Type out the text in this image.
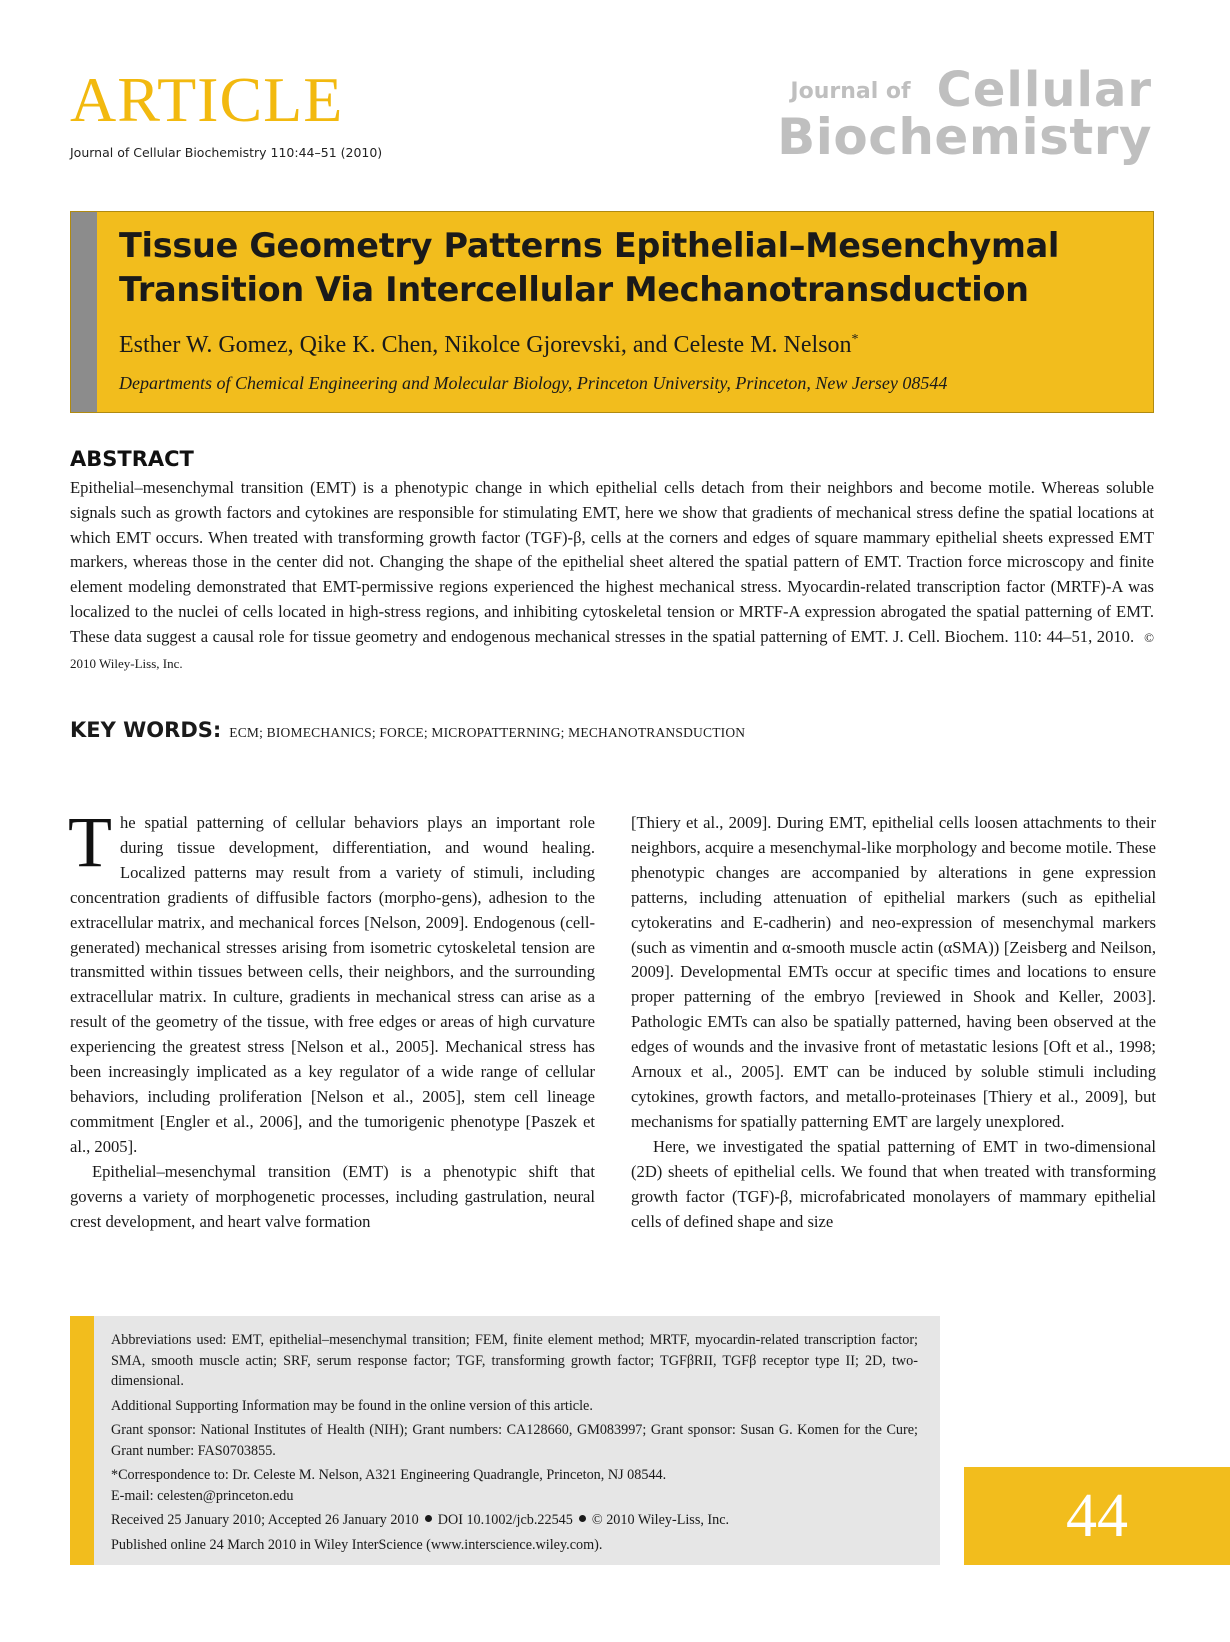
ARTICLE
Journal of Cellular Biochemistry 110:44–51 (2010)
Journal of Cellular
Biochemistry
Tissue Geometry Patterns Epithelial–Mesenchymal Transition Via Intercellular Mechanotransduction
Esther W. Gomez, Qike K. Chen, Nikolce Gjorevski, and Celeste M. Nelson*
Departments of Chemical Engineering and Molecular Biology, Princeton University, Princeton, New Jersey 08544
ABSTRACT
Epithelial–mesenchymal transition (EMT) is a phenotypic change in which epithelial cells detach from their neighbors and become motile. Whereas soluble signals such as growth factors and cytokines are responsible for stimulating EMT, here we show that gradients of mechanical stress define the spatial locations at which EMT occurs. When treated with transforming growth factor (TGF)-β, cells at the corners and edges of square mammary epithelial sheets expressed EMT markers, whereas those in the center did not. Changing the shape of the epithelial sheet altered the spatial pattern of EMT. Traction force microscopy and finite element modeling demonstrated that EMT-permissive regions experienced the highest mechanical stress. Myocardin-related transcription factor (MRTF)-A was localized to the nuclei of cells located in high-stress regions, and inhibiting cytoskeletal tension or MRTF-A expression abrogated the spatial patterning of EMT. These data suggest a causal role for tissue geometry and endogenous mechanical stresses in the spatial patterning of EMT. J. Cell. Biochem. 110: 44–51, 2010. © 2010 Wiley-Liss, Inc.
KEY WORDS: ECM; BIOMECHANICS; FORCE; MICROPATTERNING; MECHANOTRANSDUCTION

The spatial patterning of cellular behaviors plays an important role during tissue development, differentiation, and wound healing. Localized patterns may result from a variety of stimuli, including concentration gradients of diffusible factors (morpho-gens), adhesion to the extracellular matrix, and mechanical forces [Nelson, 2009]. Endogenous (cell-generated) mechanical stresses arising from isometric cytoskeletal tension are transmitted within tissues between cells, their neighbors, and the surrounding extracellular matrix. In culture, gradients in mechanical stress can arise as a result of the geometry of the tissue, with free edges or areas of high curvature experiencing the greatest stress [Nelson et al., 2005]. Mechanical stress has been increasingly implicated as a key regulator of a wide range of cellular behaviors, including proliferation [Nelson et al., 2005], stem cell lineage commitment [Engler et al., 2006], and the tumorigenic phenotype [Paszek et al., 2005].

Epithelial–mesenchymal transition (EMT) is a phenotypic shift that governs a variety of morphogenetic processes, including gastrulation, neural crest development, and heart valve formation

[Thiery et al., 2009]. During EMT, epithelial cells loosen attachments to their neighbors, acquire a mesenchymal-like morphology and become motile. These phenotypic changes are accompanied by alterations in gene expression patterns, including attenuation of epithelial markers (such as epithelial cytokeratins and E-cadherin) and neo-expression of mesenchymal markers (such as vimentin and α-smooth muscle actin (αSMA)) [Zeisberg and Neilson, 2009]. Developmental EMTs occur at specific times and locations to ensure proper patterning of the embryo [reviewed in Shook and Keller, 2003]. Pathologic EMTs can also be spatially patterned, having been observed at the edges of wounds and the invasive front of metastatic lesions [Oft et al., 1998; Arnoux et al., 2005]. EMT can be induced by soluble stimuli including cytokines, growth factors, and metallo-proteinases [Thiery et al., 2009], but mechanisms for spatially patterning EMT are largely unexplored.

Here, we investigated the spatial patterning of EMT in two-dimensional (2D) sheets of epithelial cells. We found that when treated with transforming growth factor (TGF)-β, microfabricated monolayers of mammary epithelial cells of defined shape and size

Abbreviations used: EMT, epithelial–mesenchymal transition; FEM, finite element method; MRTF, myocardin-related transcription factor; SMA, smooth muscle actin; SRF, serum response factor; TGF, transforming growth factor; TGFβRII, TGFβ receptor type II; 2D, two-dimensional.

Additional Supporting Information may be found in the online version of this article.

Grant sponsor: National Institutes of Health (NIH); Grant numbers: CA128660, GM083997; Grant sponsor: Susan G. Komen for the Cure; Grant number: FAS0703855.

*Correspondence to: Dr. Celeste M. Nelson, A321 Engineering Quadrangle, Princeton, NJ 08544.
E-mail: celesten@princeton.edu

Received 25 January 2010; Accepted 26 January 2010 DOI 10.1002/jcb.22545 © 2010 Wiley-Liss, Inc.

Published online 24 March 2010 in Wiley InterScience (www.interscience.wiley.com).	44
